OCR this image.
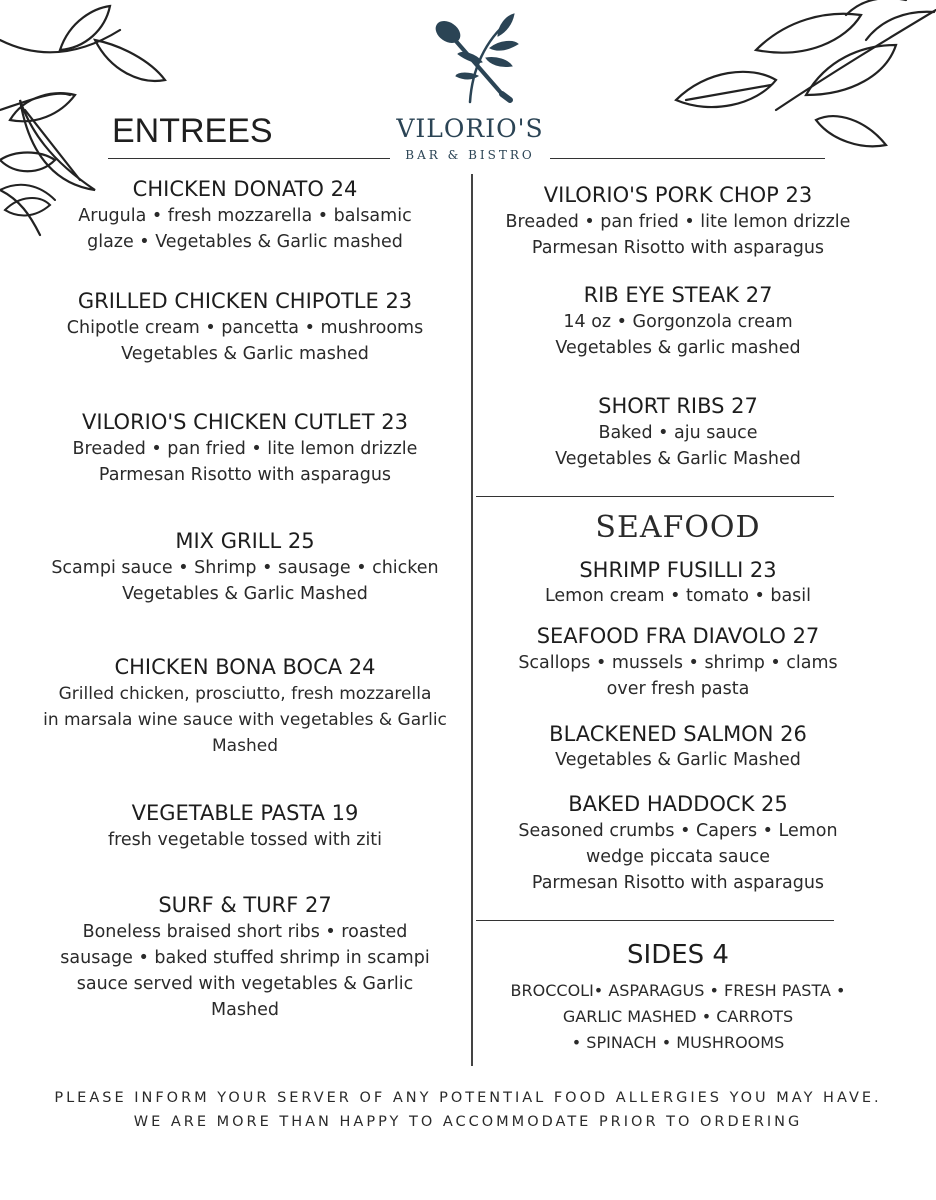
VILORIO'S
BAR & BISTRO
ENTREES
CHICKEN DONATO 24
Arugula • fresh mozzarella • balsamic
glaze • Vegetables & Garlic mashed
GRILLED CHICKEN CHIPOTLE 23
Chipotle cream • pancetta • mushrooms
Vegetables & Garlic mashed
VILORIO'S CHICKEN CUTLET 23
Breaded • pan fried • lite lemon drizzle
Parmesan Risotto with asparagus
MIX GRILL 25
Scampi sauce • Shrimp • sausage • chicken
Vegetables & Garlic Mashed
CHICKEN BONA BOCA 24
Grilled chicken, prosciutto, fresh mozzarella
in marsala wine sauce with vegetables & Garlic
Mashed
VEGETABLE PASTA 19
fresh vegetable tossed with ziti
SURF & TURF 27
Boneless braised short ribs • roasted
sausage • baked stuffed shrimp in scampi
sauce served with vegetables & Garlic
Mashed
VILORIO'S PORK CHOP 23
Breaded • pan fried • lite lemon drizzle
Parmesan Risotto with asparagus
RIB EYE STEAK 27
14 oz • Gorgonzola cream
Vegetables & garlic mashed
SHORT RIBS 27
Baked • aju sauce
Vegetables & Garlic Mashed
SEAFOOD
SHRIMP FUSILLI 23
Lemon cream • tomato • basil
SEAFOOD FRA DIAVOLO 27
Scallops • mussels • shrimp • clams
over fresh pasta
BLACKENED SALMON 26
Vegetables & Garlic Mashed
BAKED HADDOCK 25
Seasoned crumbs • Capers • Lemon
wedge piccata sauce
Parmesan Risotto with asparagus
SIDES 4
BROCCOLI• ASPARAGUS • FRESH PASTA •
GARLIC MASHED • CARROTS
• SPINACH • MUSHROOMS
PLEASE INFORM YOUR SERVER OF ANY POTENTIAL FOOD ALLERGIES YOU MAY HAVE.
WE ARE MORE THAN HAPPY TO ACCOMMODATE PRIOR TO ORDERING
